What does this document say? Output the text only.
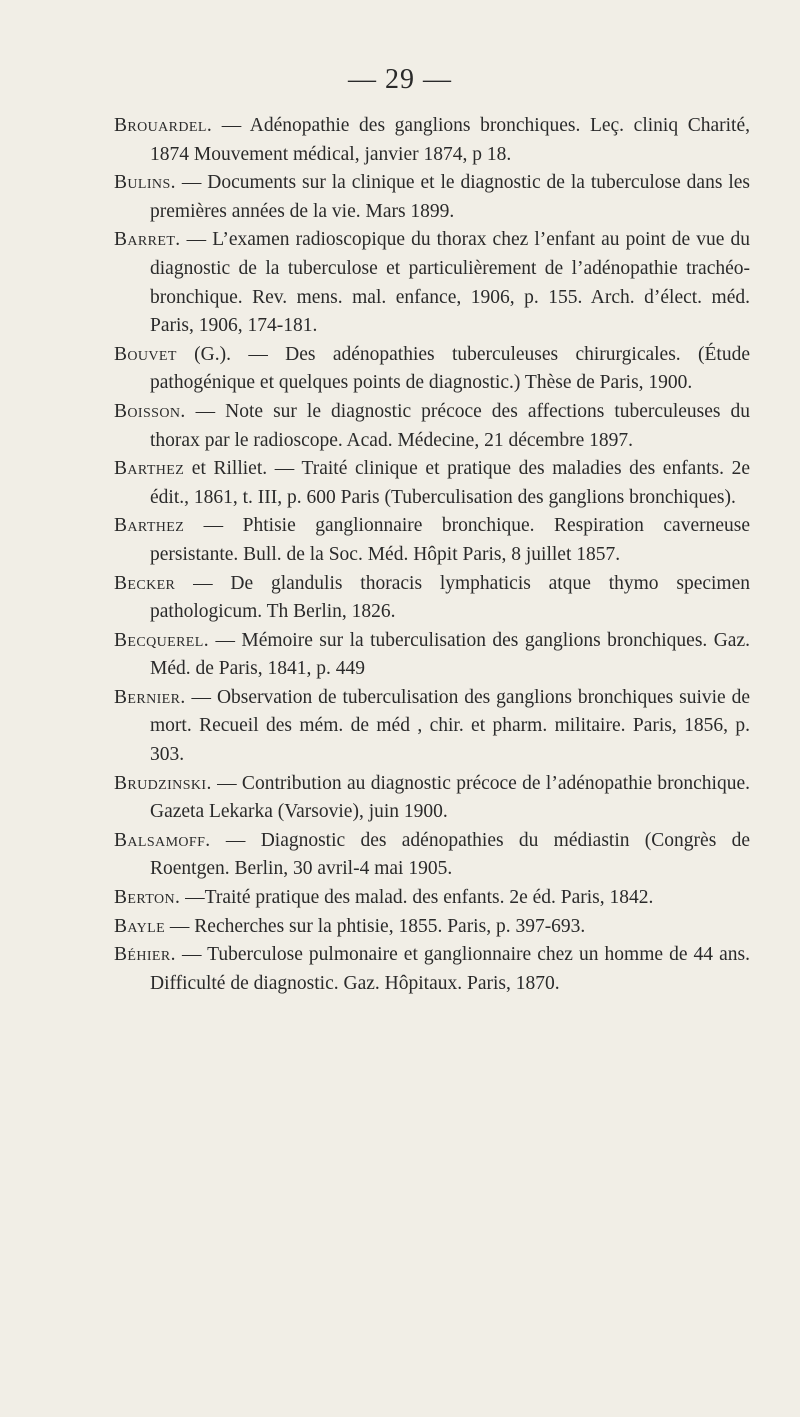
— 29 —

Brouardel. — Adénopathie des ganglions bronchiques. Leç. cliniq Charité, 1874 Mouvement médical, janvier 1874, p 18.

Bulins. — Documents sur la clinique et le diagnostic de la tuberculose dans les premières années de la vie. Mars 1899.

Barret. — L’examen radioscopique du thorax chez l’enfant au point de vue du diagnostic de la tuberculose et particulièrement de l’adénopathie trachéo-bronchique. Rev. mens. mal. enfance, 1906, p. 155. Arch. d’élect. méd. Paris, 1906, 174-181.

Bouvet (G.). — Des adénopathies tuberculeuses chirurgicales. (Étude pathogénique et quelques points de diagnostic.) Thèse de Paris, 1900.

Boisson. — Note sur le diagnostic précoce des affections tuberculeuses du thorax par le radioscope. Acad. Médecine, 21 décembre 1897.

Barthez et Rilliet. — Traité clinique et pratique des maladies des enfants. 2e édit., 1861, t. III, p. 600 Paris (Tuberculisation des ganglions bronchiques).

Barthez — Phtisie ganglionnaire bronchique. Respiration caverneuse persistante. Bull. de la Soc. Méd. Hôpit Paris, 8 juillet 1857.

Becker — De glandulis thoracis lymphaticis atque thymo specimen pathologicum. Th Berlin, 1826.

Becquerel. — Mémoire sur la tuberculisation des ganglions bronchiques. Gaz. Méd. de Paris, 1841, p. 449

Bernier. — Observation de tuberculisation des ganglions bronchiques suivie de mort. Recueil des mém. de méd , chir. et pharm. militaire. Paris, 1856, p. 303.

Brudzinski. — Contribution au diagnostic précoce de l’adénopathie bronchique. Gazeta Lekarka (Varsovie), juin 1900.

Balsamoff. — Diagnostic des adénopathies du médiastin (Congrès de Roentgen. Berlin, 30 avril-4 mai 1905.

Berton. —Traité pratique des malad. des enfants. 2e éd. Paris, 1842.

Bayle — Recherches sur la phtisie, 1855. Paris, p. 397-693.

Béhier. — Tuberculose pulmonaire et ganglionnaire chez un homme de 44 ans. Difficulté de diagnostic. Gaz. Hôpitaux. Paris, 1870.
